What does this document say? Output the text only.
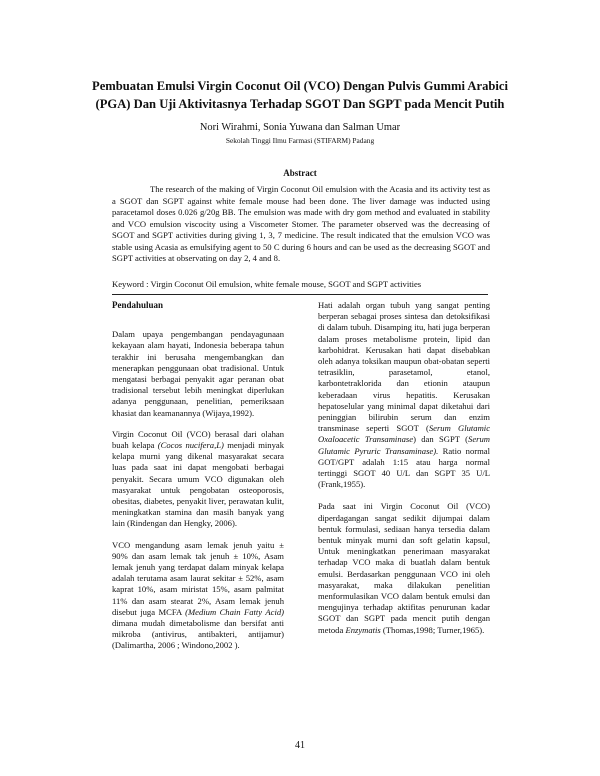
Pembuatan Emulsi Virgin Coconut Oil (VCO) Dengan Pulvis Gummi Arabici
(PGA) Dan Uji Aktivitasnya Terhadap SGOT Dan SGPT pada Mencit Putih
Nori Wirahmi, Sonia Yuwana dan Salman Umar
Sekolah Tinggi Ilmu Farmasi (STIFARM) Padang
Abstract

The research of the making of Virgin Coconut Oil emulsion with the Acasia and its activity test as a SGOT dan SGPT against white female mouse had been done. The liver damage was inducted using paracetamol doses 0.026 g/20g BB. The emulsion was made with dry gom method and evaluated in stability and VCO emulsion viscocity using a Viscometer Stomer. The parameter observed was the decreasing of SGOT and SGPT activities during giving 1, 3, 7 medicine. The result indicated that the emulsion VCO was stable using Acasia as emulsifying agent to 50 C during 6 hours and can be used as the decreasing SGOT and SGPT activities at observating on day 2, 4 and 8.

Keyword : Virgin Coconut Oil emulsion, white female mouse, SGOT and SGPT activities
Pendahuluan

Dalam upaya pengembangan pendayagunaan kekayaan alam hayati, Indonesia beberapa tahun terakhir ini berusaha mengembangkan dan menerapkan penggunaan obat tradisional. Untuk mengatasi berbagai penyakit agar peranan obat tradisional tersebut lebih meningkat diperlukan adanya penggunaan, penelitian, pemeriksaan khasiat dan keamanannya (Wijaya,1992).

Virgin Coconut Oil (VCO) berasal dari olahan buah kelapa (Cocos nucifera,L) menjadi minyak kelapa murni yang dikenal masyarakat secara luas pada saat ini dapat mengobati berbagai penyakit. Secara umum VCO digunakan oleh masyarakat untuk pengobatan osteoporosis, obesitas, diabetes, penyakit liver, perawatan kulit, meningkatkan stamina dan masih banyak yang lain (Rindengan dan Hengky, 2006).

VCO mengandung asam lemak jenuh yaitu ± 90% dan asam lemak tak jenuh ± 10%, Asam lemak jenuh yang terdapat dalam minyak kelapa adalah terutama asam laurat sekitar ± 52%, asam kaprat 10%, asam miristat 15%, asam palmitat 11% dan asam stearat 2%, Asam lemak jenuh disebut juga MCFA (Medium Chain Fatty Acid) dimana mudah dimetabolisme dan bersifat anti mikroba (antivirus, antibakteri, antijamur) (Dalimartha, 2006 ; Windono,2002 ).

Hati adalah organ tubuh yang sangat penting berperan sebagai proses sintesa dan detoksifikasi di dalam tubuh. Disamping itu, hati juga berperan dalam proses metabolisme protein, lipid dan karbohidrat. Kerusakan hati dapat disebabkan oleh adanya toksikan maupun obat-obatan seperti tetrasiklin, parasetamol, etanol, karbontetraklorida dan etionin ataupun keberadaan virus hepatitis. Kerusakan hepatoselular yang minimal dapat diketahui dari peninggian bilirubin serum dan enzim transminase seperti SGOT (Serum Glutamic Oxaloacetic Transaminase) dan SGPT (Serum Glutamic Pyruric Transaminase). Ratio normal GOT/GPT adalah 1:15 atau harga normal tertinggi SGOT 40 U/L dan SGPT 35 U/L (Frank,1955).

Pada saat ini Virgin Coconut Oil (VCO) diperdagangan sangat sedikit dijumpai dalam bentuk formulasi, sediaan hanya tersedia dalam bentuk minyak murni dan soft gelatin kapsul, Untuk meningkatkan penerimaan masyarakat terhadap VCO maka di buatlah dalam bentuk emulsi. Berdasarkan penggunaan VCO ini oleh masyarakat, maka dilakukan penelitian menformulasikan VCO dalam bentuk emulsi dan mengujinya terhadap aktifitas penurunan kadar SGOT dan SGPT pada mencit putih dengan metoda Enzymatis (Thomas,1998; Turner,1965).

41
